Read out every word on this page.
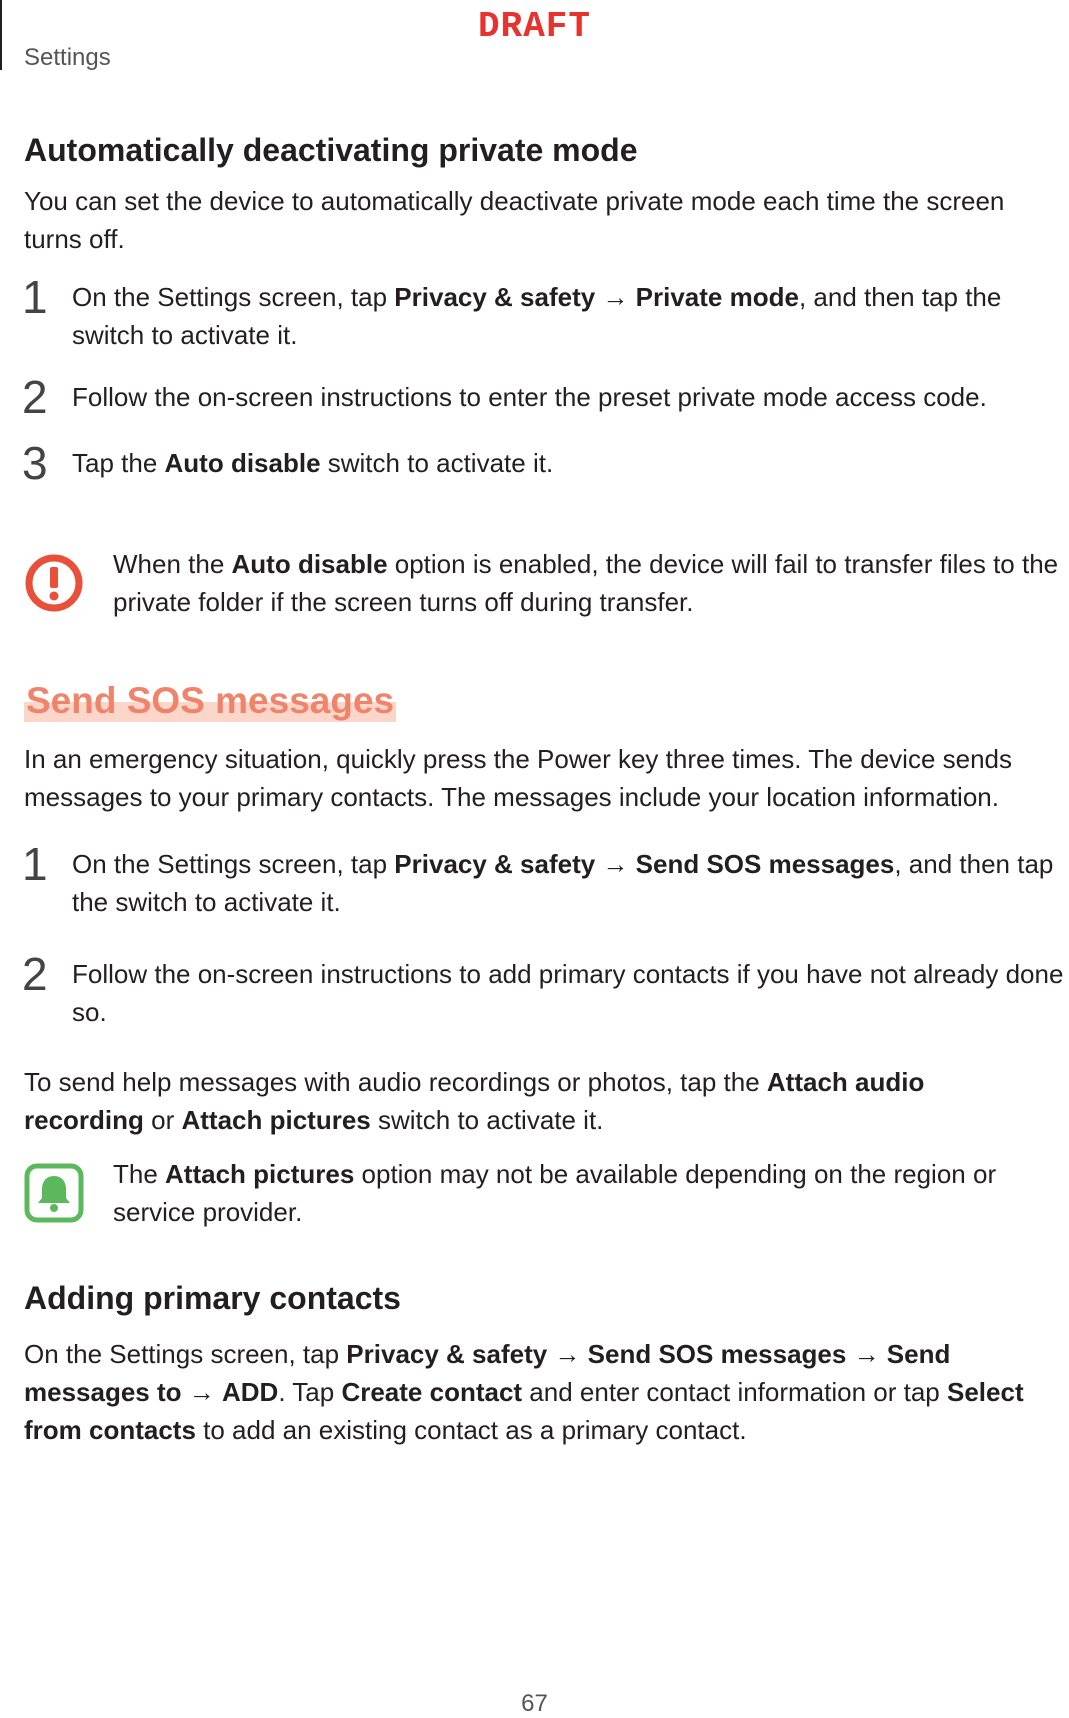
Settings
DRAFT
Automatically deactivating private mode
You can set the device to automatically deactivate private mode each time the screen turns off.
1 On the Settings screen, tap Privacy & safety → Private mode, and then tap the switch to activate it.
2 Follow the on-screen instructions to enter the preset private mode access code.
3 Tap the Auto disable switch to activate it.
When the Auto disable option is enabled, the device will fail to transfer files to the private folder if the screen turns off during transfer.
Send SOS messages
In an emergency situation, quickly press the Power key three times. The device sends messages to your primary contacts. The messages include your location information.
1 On the Settings screen, tap Privacy & safety → Send SOS messages, and then tap the switch to activate it.
2 Follow the on-screen instructions to add primary contacts if you have not already done so.
To send help messages with audio recordings or photos, tap the Attach audio recording or Attach pictures switch to activate it.
The Attach pictures option may not be available depending on the region or service provider.
Adding primary contacts
On the Settings screen, tap Privacy & safety → Send SOS messages → Send messages to → ADD. Tap Create contact and enter contact information or tap Select from contacts to add an existing contact as a primary contact.
67
